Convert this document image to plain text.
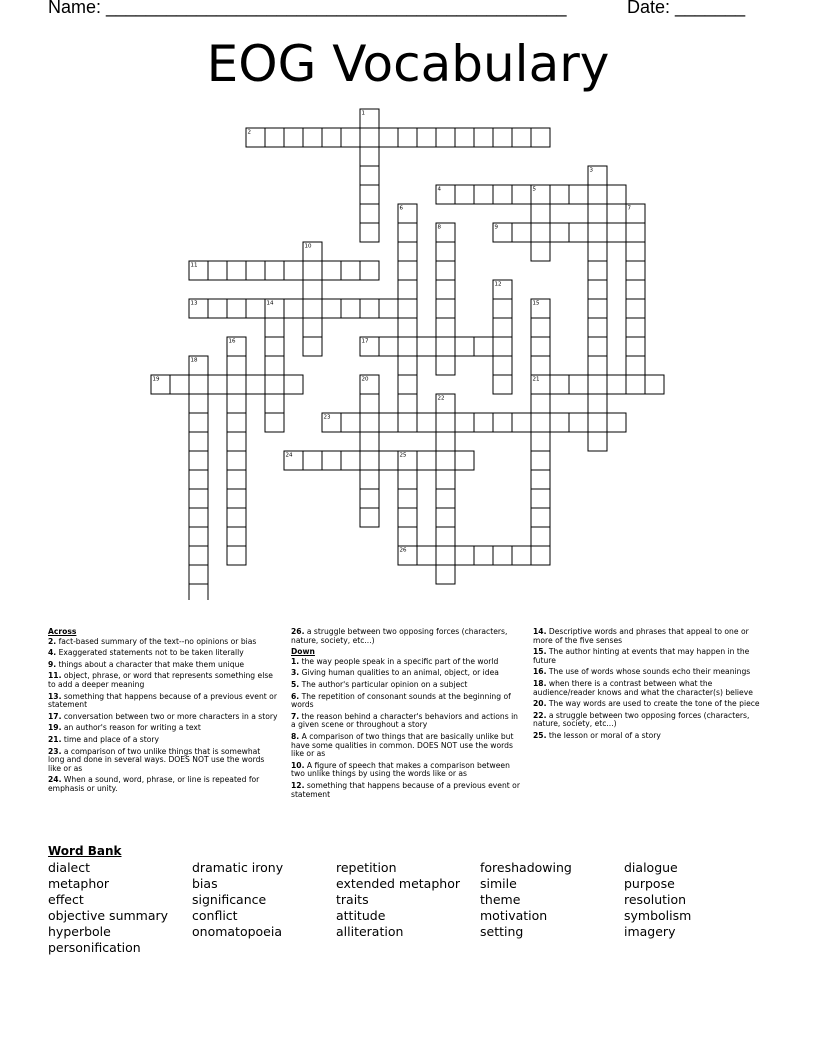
Name: ______________________________________________	Date: _______
EOG Vocabulary
2
4
9
11
13
17
19	21
23
24
26
1
3
5
6	7
8
10
12
14	15
16
18
20
22
25
Across
2. fact-based summary of the text--no opinions or bias
4. Exaggerated statements not to be taken literally
9. things about a character that make them unique
11. object, phrase, or word that represents something else to add a deeper meaning
13. something that happens because of a previous event or statement
17. conversation between two or more characters in a story
19. an author's reason for writing a text
21. time and place of a story
23. a comparison of two unlike things that is somewhat long and done in several ways. DOES NOT use the words like or as
24. When a sound, word, phrase, or line is repeated for emphasis or unity.
26. a struggle between two opposing forces (characters, nature, society, etc...)
Down
1. the way people speak in a specific part of the world
3. Giving human qualities to an animal, object, or idea
5. The author's particular opinion on a subject
6. The repetition of consonant sounds at the beginning of words
7. the reason behind a character's behaviors and actions in a given scene or throughout a story
8. A comparison of two things that are basically unlike but have some qualities in common. DOES NOT use the words like or as
10. A figure of speech that makes a comparison between two unlike things by using the words like or as
12. something that happens because of a previous event or statement
14. Descriptive words and phrases that appeal to one or more of the five senses
15. The author hinting at events that may happen in the future
16. The use of words whose sounds echo their meanings
18. when there is a contrast between what the audience/reader knows and what the character(s) believe
20. The way words are used to create the tone of the piece
22. a struggle between two opposing forces (characters, nature, society, etc...)
25. the lesson or moral of a story
Word Bank
dialect
metaphor
effect
objective summary
hyperbole
personification
dramatic irony
bias
significance
conflict
onomatopoeia
repetition
extended metaphor
traits
attitude
alliteration
foreshadowing
simile
theme
motivation
setting
dialogue
purpose
resolution
symbolism
imagery
